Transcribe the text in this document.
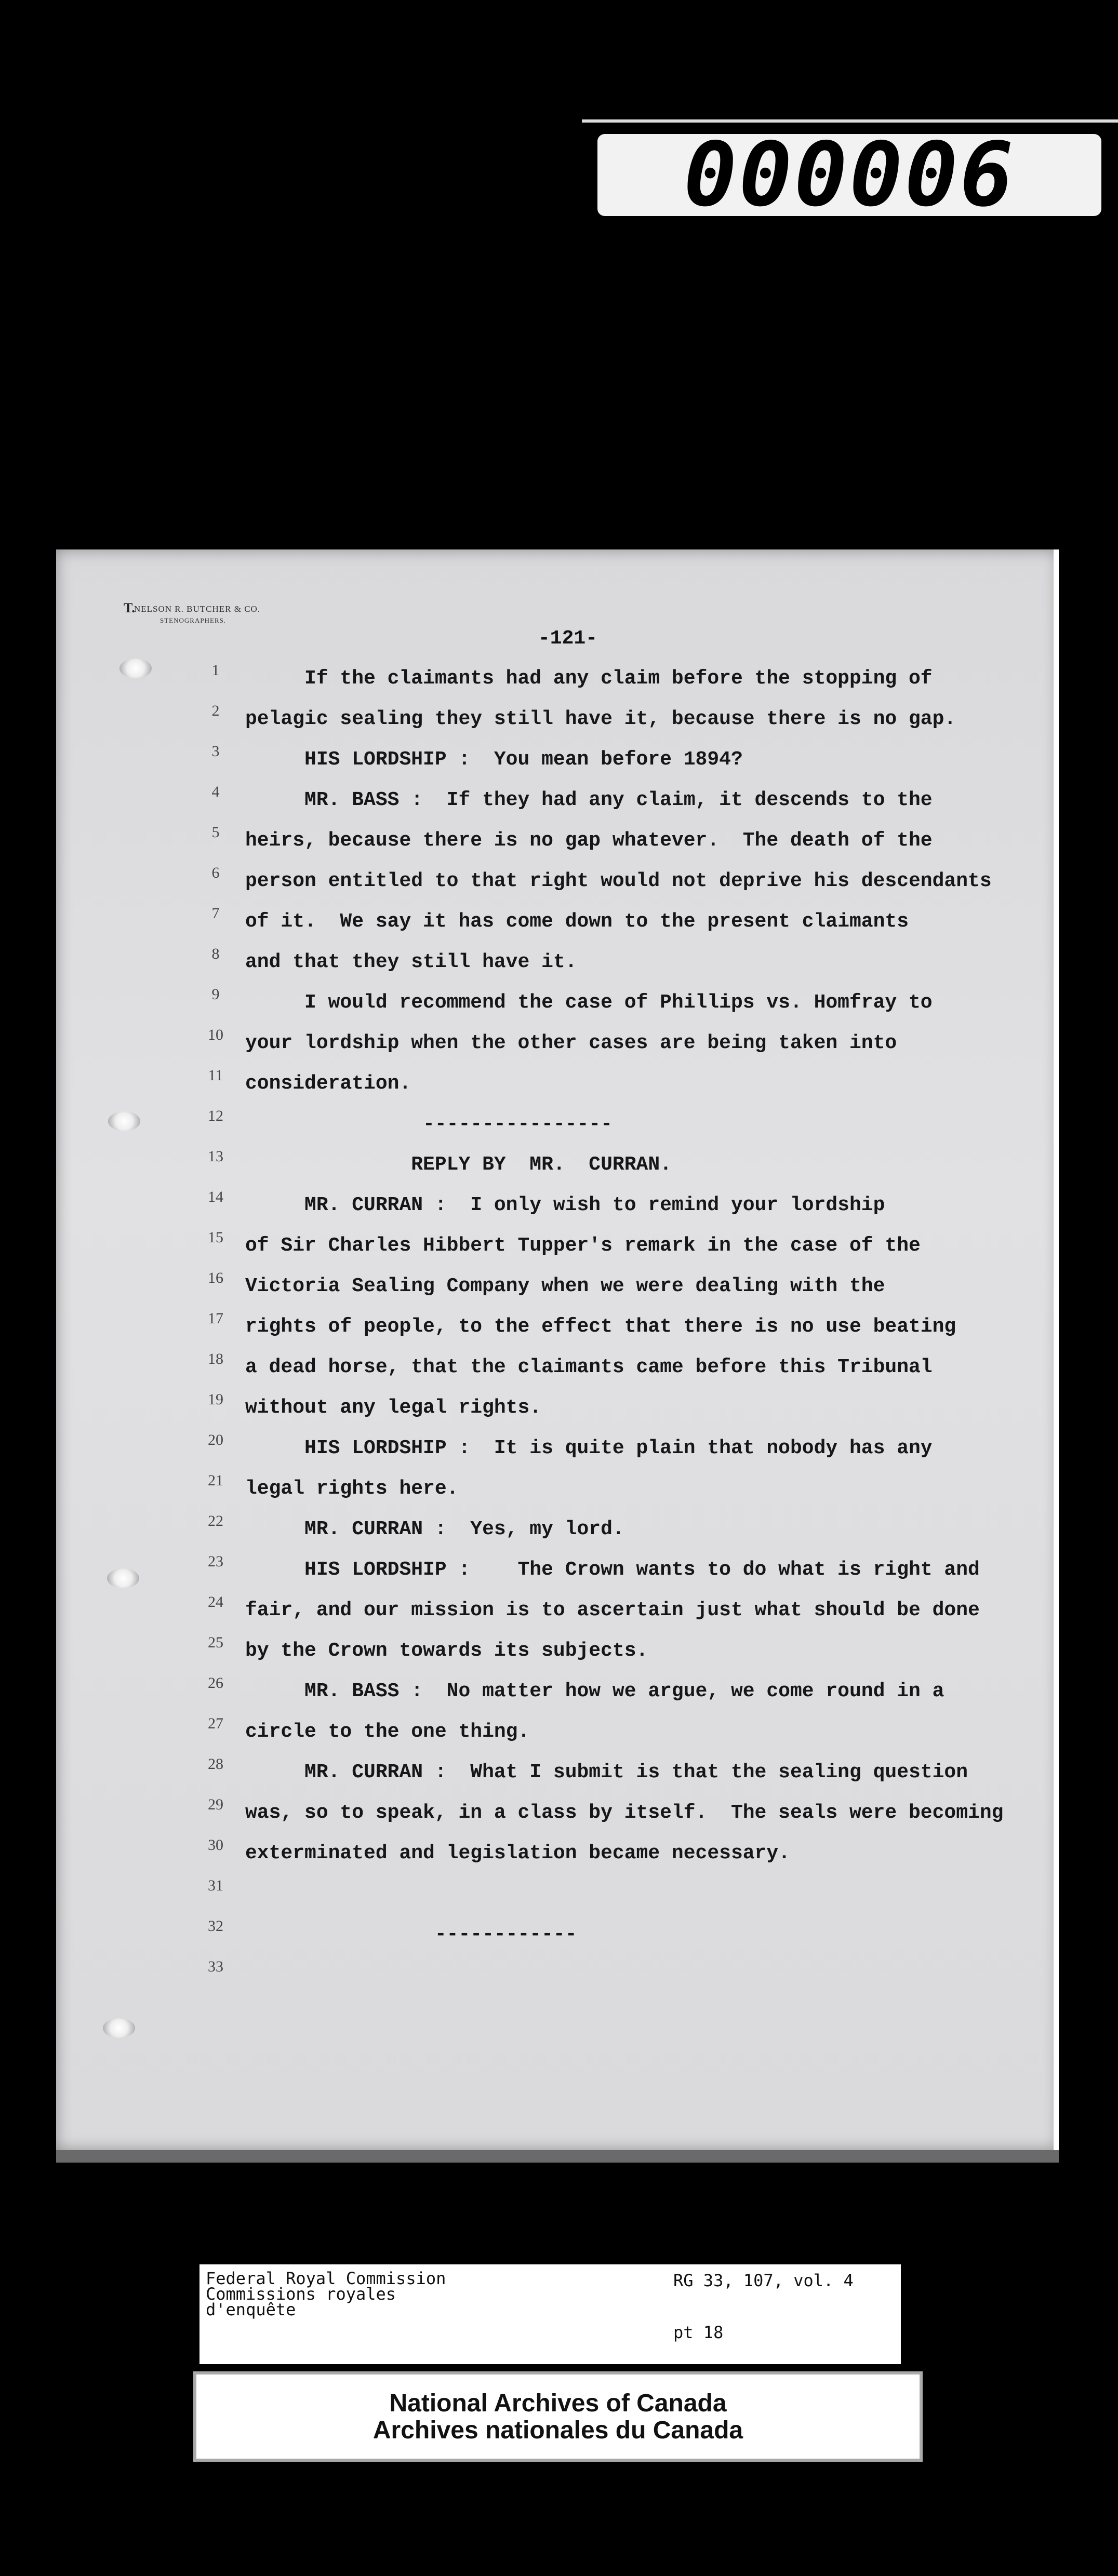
000006
T.
NELSON R. BUTCHER & CO.
STENOGRAPHERS.
-121-
1
2
3
4
5
6
7
8
9
10
11
12
13
14
15
16
17
18
19
20
21
22
23
24
25
26
27
28
29
30
31
32
33
If the claimants had any claim before the stopping of
pelagic sealing they still have it, because there is no gap.
HIS LORDSHIP :  You mean before 1894?
MR. BASS :  If they had any claim, it descends to the
heirs, because there is no gap whatever.  The death of the
person entitled to that right would not deprive his descendants
of it.  We say it has come down to the present claimants
and that they still have it.
I would recommend the case of Phillips vs. Homfray to
your lordship when the other cases are being taken into
consideration.
----------------
REPLY BY  MR.  CURRAN.
MR. CURRAN :  I only wish to remind your lordship
of Sir Charles Hibbert Tupper's remark in the case of the
Victoria Sealing Company when we were dealing with the
rights of people, to the effect that there is no use beating
a dead horse, that the claimants came before this Tribunal
without any legal rights.
HIS LORDSHIP :  It is quite plain that nobody has any
legal rights here.
MR. CURRAN :  Yes, my lord.
HIS LORDSHIP :    The Crown wants to do what is right and
fair, and our mission is to ascertain just what should be done
by the Crown towards its subjects.
MR. BASS :  No matter how we argue, we come round in a
circle to the one thing.
MR. CURRAN :  What I submit is that the sealing question
was, so to speak, in a class by itself.  The seals were becoming
exterminated and legislation became necessary.
------------
Federal Royal Commission
Commissions royales
d'enquête
RG 33, 107, vol. 4
pt 18
National Archives of Canada
Archives nationales du Canada
